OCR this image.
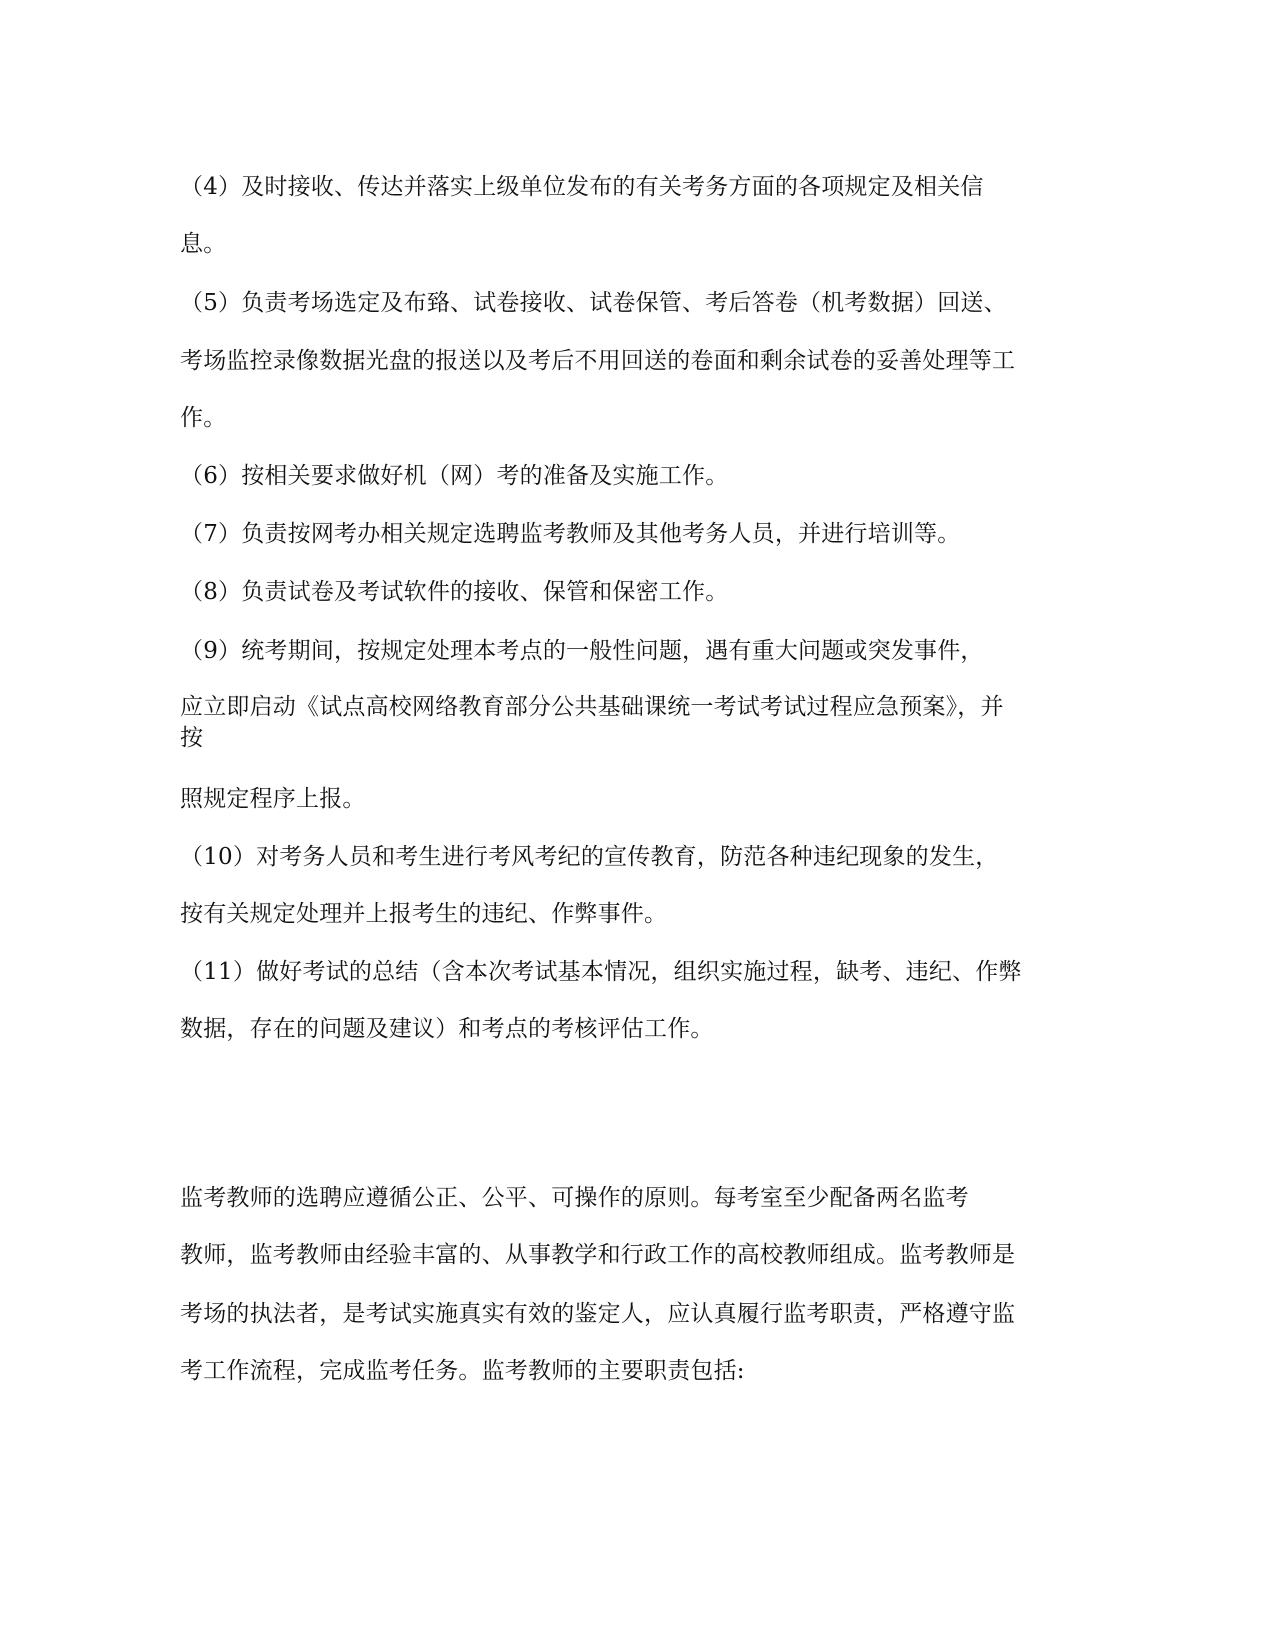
（4）及时接收、传达并落实上级单位发布的有关考务方面的各项规定及相关信
息。
（5）负责考场选定及布臵、试卷接收、试卷保管、考后答卷（机考数据）回送、
考场监控录像数据光盘的报送以及考后不用回送的卷面和剩余试卷的妥善处理等工
作。
（6）按相关要求做好机（网）考的准备及实施工作。
（7）负责按网考办相关规定选聘监考教师及其他考务人员，并进行培训等。
（8）负责试卷及考试软件的接收、保管和保密工作。
（9）统考期间，按规定处理本考点的一般性问题，遇有重大问题或突发事件，
应立即启动《试点高校网络教育部分公共基础课统一考试考试过程应急预案》，并
按
照规定程序上报。
（10）对考务人员和考生进行考风考纪的宣传教育，防范各种违纪现象的发生，
按有关规定处理并上报考生的违纪、作弊事件。
（11）做好考试的总结（含本次考试基本情况，组织实施过程，缺考、违纪、作弊
数据，存在的问题及建议）和考点的考核评估工作。
监考教师的选聘应遵循公正、公平、可操作的原则。每考室至少配备两名监考
教师，监考教师由经验丰富的、从事教学和行政工作的高校教师组成。监考教师是
考场的执法者，是考试实施真实有效的鉴定人，应认真履行监考职责，严格遵守监
考工作流程，完成监考任务。监考教师的主要职责包括:
